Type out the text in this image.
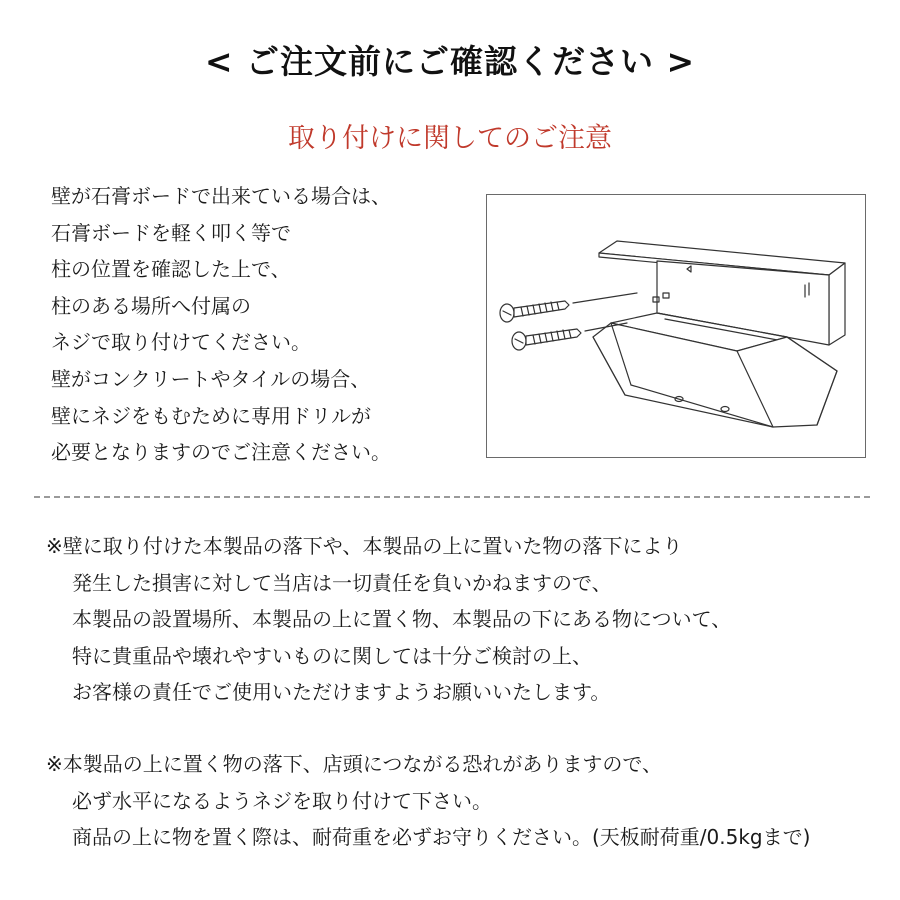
< ご注文前にご確認ください >
取り付けに関してのご注意
壁が石膏ボードで出来ている場合は、
石膏ボードを軽く叩く等で
柱の位置を確認した上で、
柱のある場所へ付属の
ネジで取り付けてください。
壁がコンクリートやタイルの場合、
壁にネジをもむために専用ドリルが
必要となりますのでご注意ください。
※壁に取り付けた本製品の落下や、本製品の上に置いた物の落下により
発生した損害に対して当店は一切責任を負いかねますので、
本製品の設置場所、本製品の上に置く物、本製品の下にある物について、
特に貴重品や壊れやすいものに関しては十分ご検討の上、
お客様の責任でご使用いただけますようお願いいたします。
※本製品の上に置く物の落下、店頭につながる恐れがありますので、
必ず水平になるようネジを取り付けて下さい。
商品の上に物を置く際は、耐荷重を必ずお守りください。(天板耐荷重/0.5kgまで)
